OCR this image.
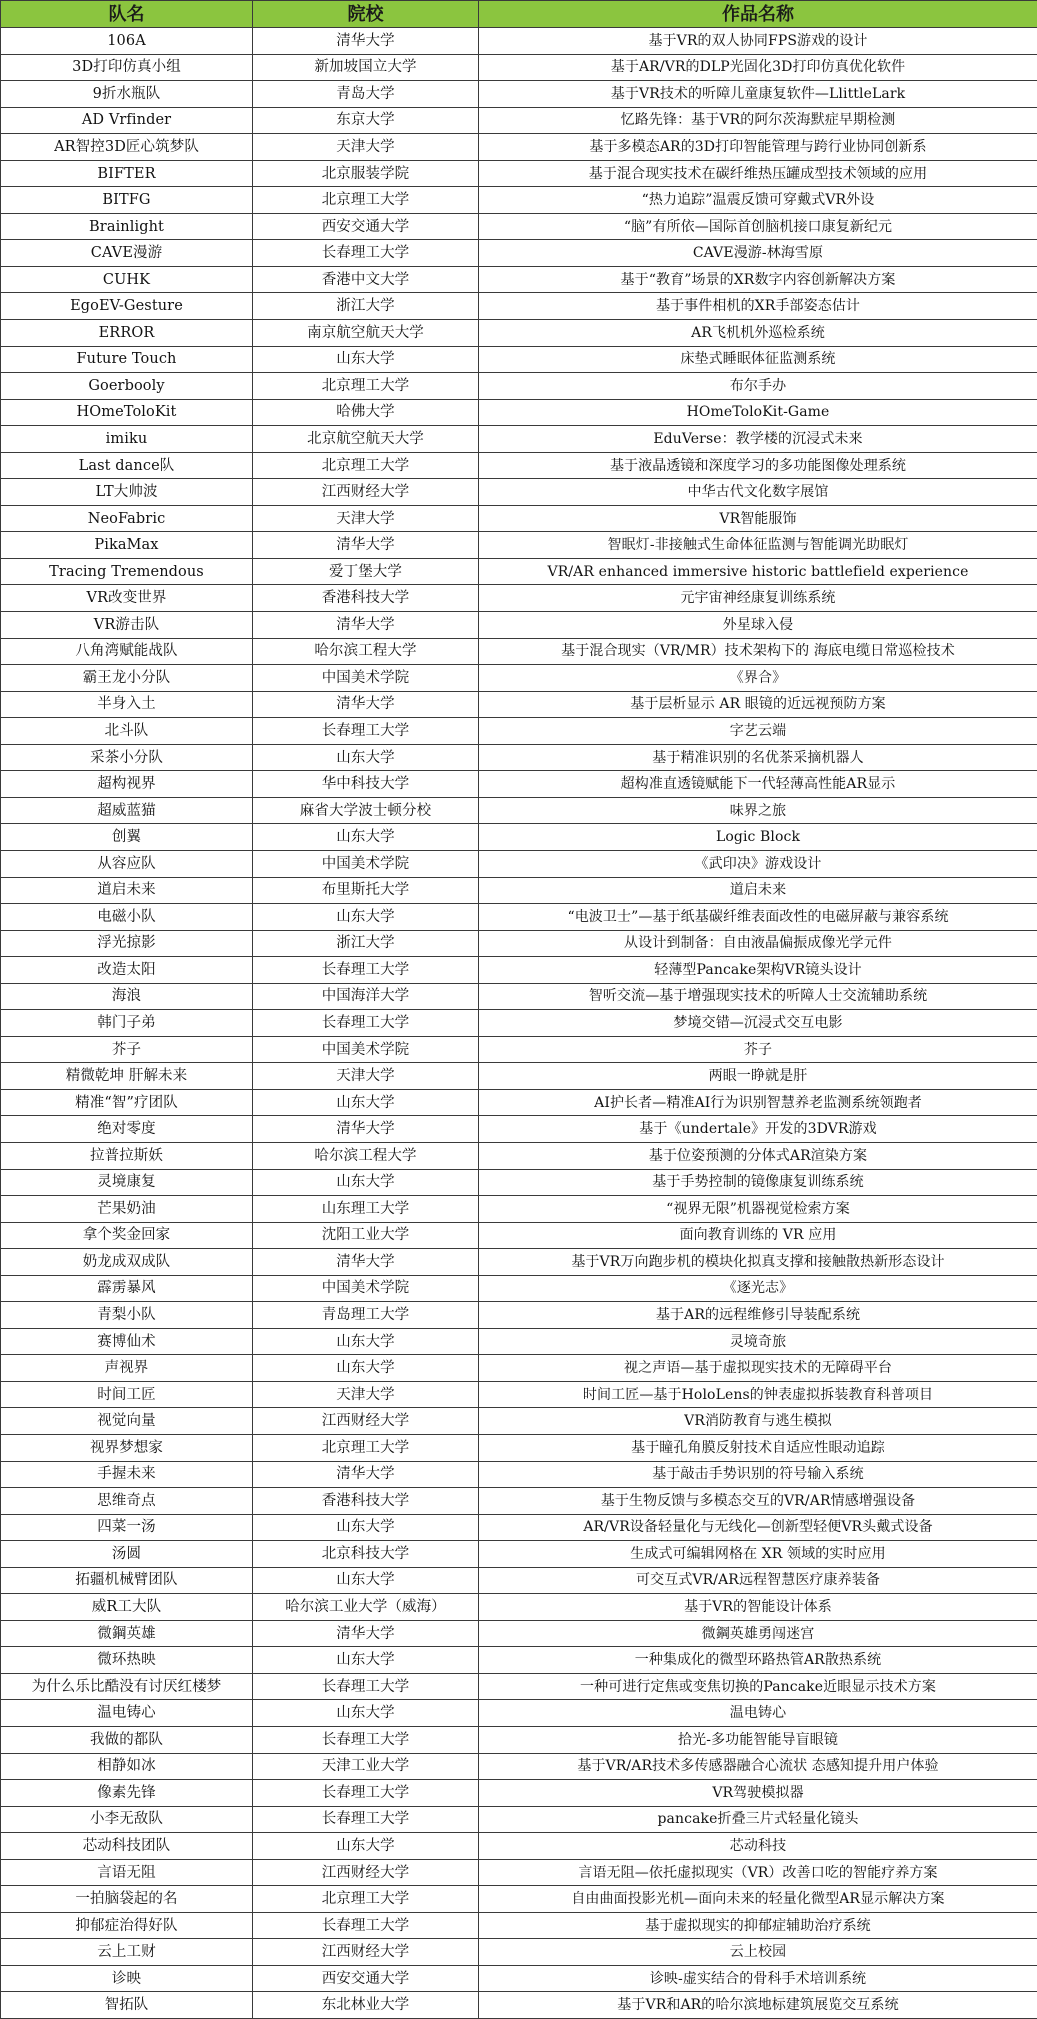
队名	院校	作品名称
106A	清华大学	基于VR的双人协同FPS游戏的设计
3D打印仿真小组	新加坡国立大学	基于AR/VR的DLP光固化3D打印仿真优化软件
9折水瓶队	青岛大学	基于VR技术的听障儿童康复软件—LlittleLark
AD Vrfinder	东京大学	忆路先锋：基于VR的阿尔茨海默症早期检测
AR智控3D匠心筑梦队	天津大学	基于多模态AR的3D打印智能管理与跨行业协同创新系
BIFTER	北京服装学院	基于混合现实技术在碳纤维热压罐成型技术领域的应用
BITFG	北京理工大学	“热力追踪”温震反馈可穿戴式VR外设
Brainlight	西安交通大学	“脑”有所依—国际首创脑机接口康复新纪元
CAVE漫游	长春理工大学	CAVE漫游-林海雪原
CUHK	香港中文大学	基于“教育”场景的XR数字内容创新解决方案
EgoEV-Gesture	浙江大学	基于事件相机的XR手部姿态估计
ERROR	南京航空航天大学	AR飞机机外巡检系统
Future Touch	山东大学	床垫式睡眠体征监测系统
Goerbooly	北京理工大学	布尔手办
HOmeToloKit	哈佛大学	HOmeToloKit-Game
imiku	北京航空航天大学	EduVerse：教学楼的沉浸式未来
Last dance队	北京理工大学	基于液晶透镜和深度学习的多功能图像处理系统
LT大帅波	江西财经大学	中华古代文化数字展馆
NeoFabric	天津大学	VR智能服饰
PikaMax	清华大学	智眠灯-非接触式生命体征监测与智能调光助眠灯
Tracing Tremendous	爱丁堡大学	VR/AR enhanced immersive historic battlefield experience
VR改变世界	香港科技大学	元宇宙神经康复训练系统
VR游击队	清华大学	外星球入侵
八角湾赋能战队	哈尔滨工程大学	基于混合现实（VR/MR）技术架构下的 海底电缆日常巡检技术
霸王龙小分队	中国美术学院	《界合》
半身入土	清华大学	基于层析显示 AR 眼镜的近远视预防方案
北斗队	长春理工大学	字艺云端
采茶小分队	山东大学	基于精准识别的名优茶采摘机器人
超构视界	华中科技大学	超构准直透镜赋能下一代轻薄高性能AR显示
超威蓝猫	麻省大学波士顿分校	味界之旅
创翼	山东大学	Logic Block
从容应队	中国美术学院	《武印决》游戏设计
道启未来	布里斯托大学	道启未来
电磁小队	山东大学	“电波卫士”—基于纸基碳纤维表面改性的电磁屏蔽与兼容系统
浮光掠影	浙江大学	从设计到制备：自由液晶偏振成像光学元件
改造太阳	长春理工大学	轻薄型Pancake架构VR镜头设计
海浪	中国海洋大学	智听交流—基于增强现实技术的听障人士交流辅助系统
韩门子弟	长春理工大学	梦境交错—沉浸式交互电影
芥子	中国美术学院	芥子
精微乾坤 肝解未来	天津大学	两眼一睁就是肝
精准“智”疗团队	山东大学	AI护长者—精准AI行为识别智慧养老监测系统领跑者
绝对零度	清华大学	基于《undertale》开发的3DVR游戏
拉普拉斯妖	哈尔滨工程大学	基于位姿预测的分体式AR渲染方案
灵境康复	山东大学	基于手势控制的镜像康复训练系统
芒果奶油	山东理工大学	“视界无限”机器视觉检索方案
拿个奖金回家	沈阳工业大学	面向教育训练的 VR 应用
奶龙成双成队	清华大学	基于VR万向跑步机的模块化拟真支撑和接触散热新形态设计
霹雳暴风	中国美术学院	《逐光志》
青梨小队	青岛理工大学	基于AR的远程维修引导装配系统
赛博仙术	山东大学	灵境奇旅
声视界	山东大学	视之声语—基于虚拟现实技术的无障碍平台
时间工匠	天津大学	时间工匠—基于HoloLens的钟表虚拟拆装教育科普项目
视觉向量	江西财经大学	VR消防教育与逃生模拟
视界梦想家	北京理工大学	基于瞳孔角膜反射技术自适应性眼动追踪
手握未来	清华大学	基于敲击手势识别的符号输入系统
思维奇点	香港科技大学	基于生物反馈与多模态交互的VR/AR情感增强设备
四菜一汤	山东大学	AR/VR设备轻量化与无线化—创新型轻便VR头戴式设备
汤圆	北京科技大学	生成式可编辑网格在 XR 领域的实时应用
拓疆机械臂团队	山东大学	可交互式VR/AR远程智慧医疗康养装备
威R工大队	哈尔滨工业大学（威海）	基于VR的智能设计体系
微鋼英雄	清华大学	微鋼英雄勇闯迷宫
微环热映	山东大学	一种集成化的微型环路热管AR散热系统
为什么乐比酷没有讨厌红楼梦	长春理工大学	一种可进行定焦或变焦切换的Pancake近眼显示技术方案
温电铸心	山东大学	温电铸心
我做的都队	长春理工大学	拾光-多功能智能导盲眼镜
相静如冰	天津工业大学	基于VR/AR技术多传感器融合心流状 态感知提升用户体验
像素先锋	长春理工大学	VR驾驶模拟器
小李无敌队	长春理工大学	pancake折叠三片式轻量化镜头
芯动科技团队	山东大学	芯动科技
言语无阻	江西财经大学	言语无阻—依托虚拟现实（VR）改善口吃的智能疗养方案
一拍脑袋起的名	北京理工大学	自由曲面投影光机—面向未来的轻量化微型AR显示解决方案
抑郁症治得好队	长春理工大学	基于虚拟现实的抑郁症辅助治疗系统
云上工财	江西财经大学	云上校园
诊映	西安交通大学	诊映-虚实结合的骨科手术培训系统
智拓队	东北林业大学	基于VR和AR的哈尔滨地标建筑展览交互系统
